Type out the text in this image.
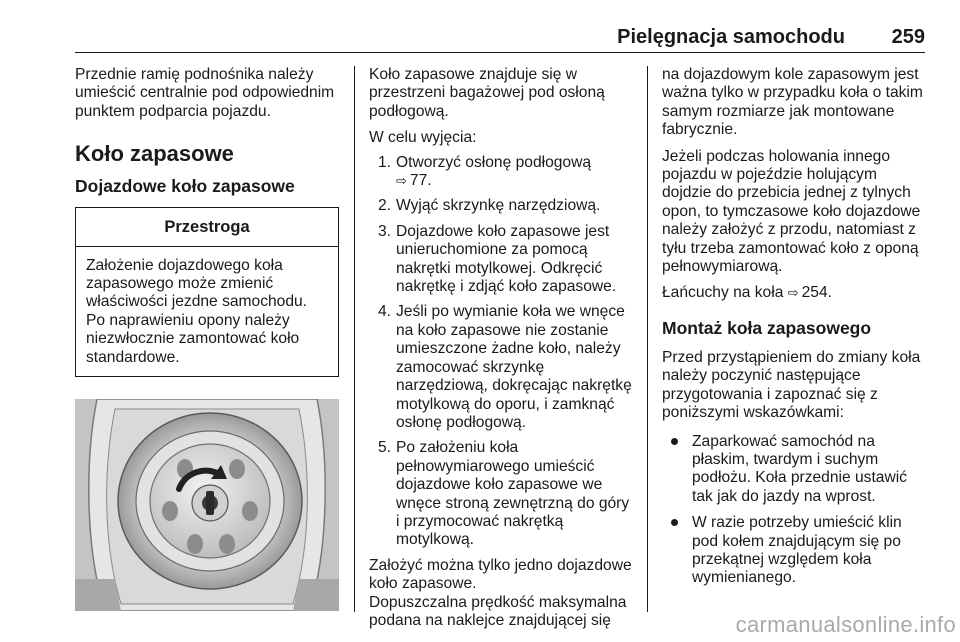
Pielęgnacja samochodu 259

Przednie ramię podnośnika należy umieścić centralnie pod odpowiednim punktem podparcia pojazdu.

Koło zapasowe
Dojazdowe koło zapasowe
Przestroga
Założenie dojazdowego koła zapasowego może zmienić właściwości jezdne samochodu. Po naprawieniu opony należy niezwłocznie zamontować koło standardowe.

Koło zapasowe znajduje się w przestrzeni bagażowej pod osłoną podłogową.

W celu wyjęcia:

1. Otworzyć osłonę podłogową
⇨ 77.
2. Wyjąć skrzynkę narzędziową.
3. Dojazdowe koło zapasowe jest unieruchomione za pomocą nakrętki motylkowej. Odkręcić nakrętkę i zdjąć koło zapasowe.
4. Jeśli po wymianie koła we wnęce na koło zapasowe nie zostanie umieszczone żadne koło, należy zamocować skrzynkę narzędziową, dokręcając nakrętkę motylkową do oporu, i zamknąć osłonę podłogową.
5. Po założeniu koła pełnowymiarowego umieścić dojazdowe koło zapasowe we wnęce stroną zewnętrzną do góry i przymocować nakrętką motylkową.

Założyć można tylko jedno dojazdowe koło zapasowe.

Dopuszczalna prędkość maksymalna podana na naklejce znajdującej się

na dojazdowym kole zapasowym jest ważna tylko w przypadku koła o takim samym rozmiarze jak montowane fabrycznie.

Jeżeli podczas holowania innego pojazdu w pojeździe holującym dojdzie do przebicia jednej z tylnych opon, to tymczasowe koło dojazdowe należy założyć z przodu, natomiast z tyłu trzeba zamontować koło z oponą pełnowymiarową.

Łańcuchy na koła ⇨ 254.

Montaż koła zapasowego

Przed przystąpieniem do zmiany koła należy poczynić następujące przygotowania i zapoznać się z poniższymi wskazówkami:

Zaparkować samochód na płaskim, twardym i suchym podłożu. Koła przednie ustawić tak jak do jazdy na wprost.
W razie potrzeby umieścić klin pod kołem znajdującym się po przekątnej względem koła wymienianego.
carmanualsonline.info
